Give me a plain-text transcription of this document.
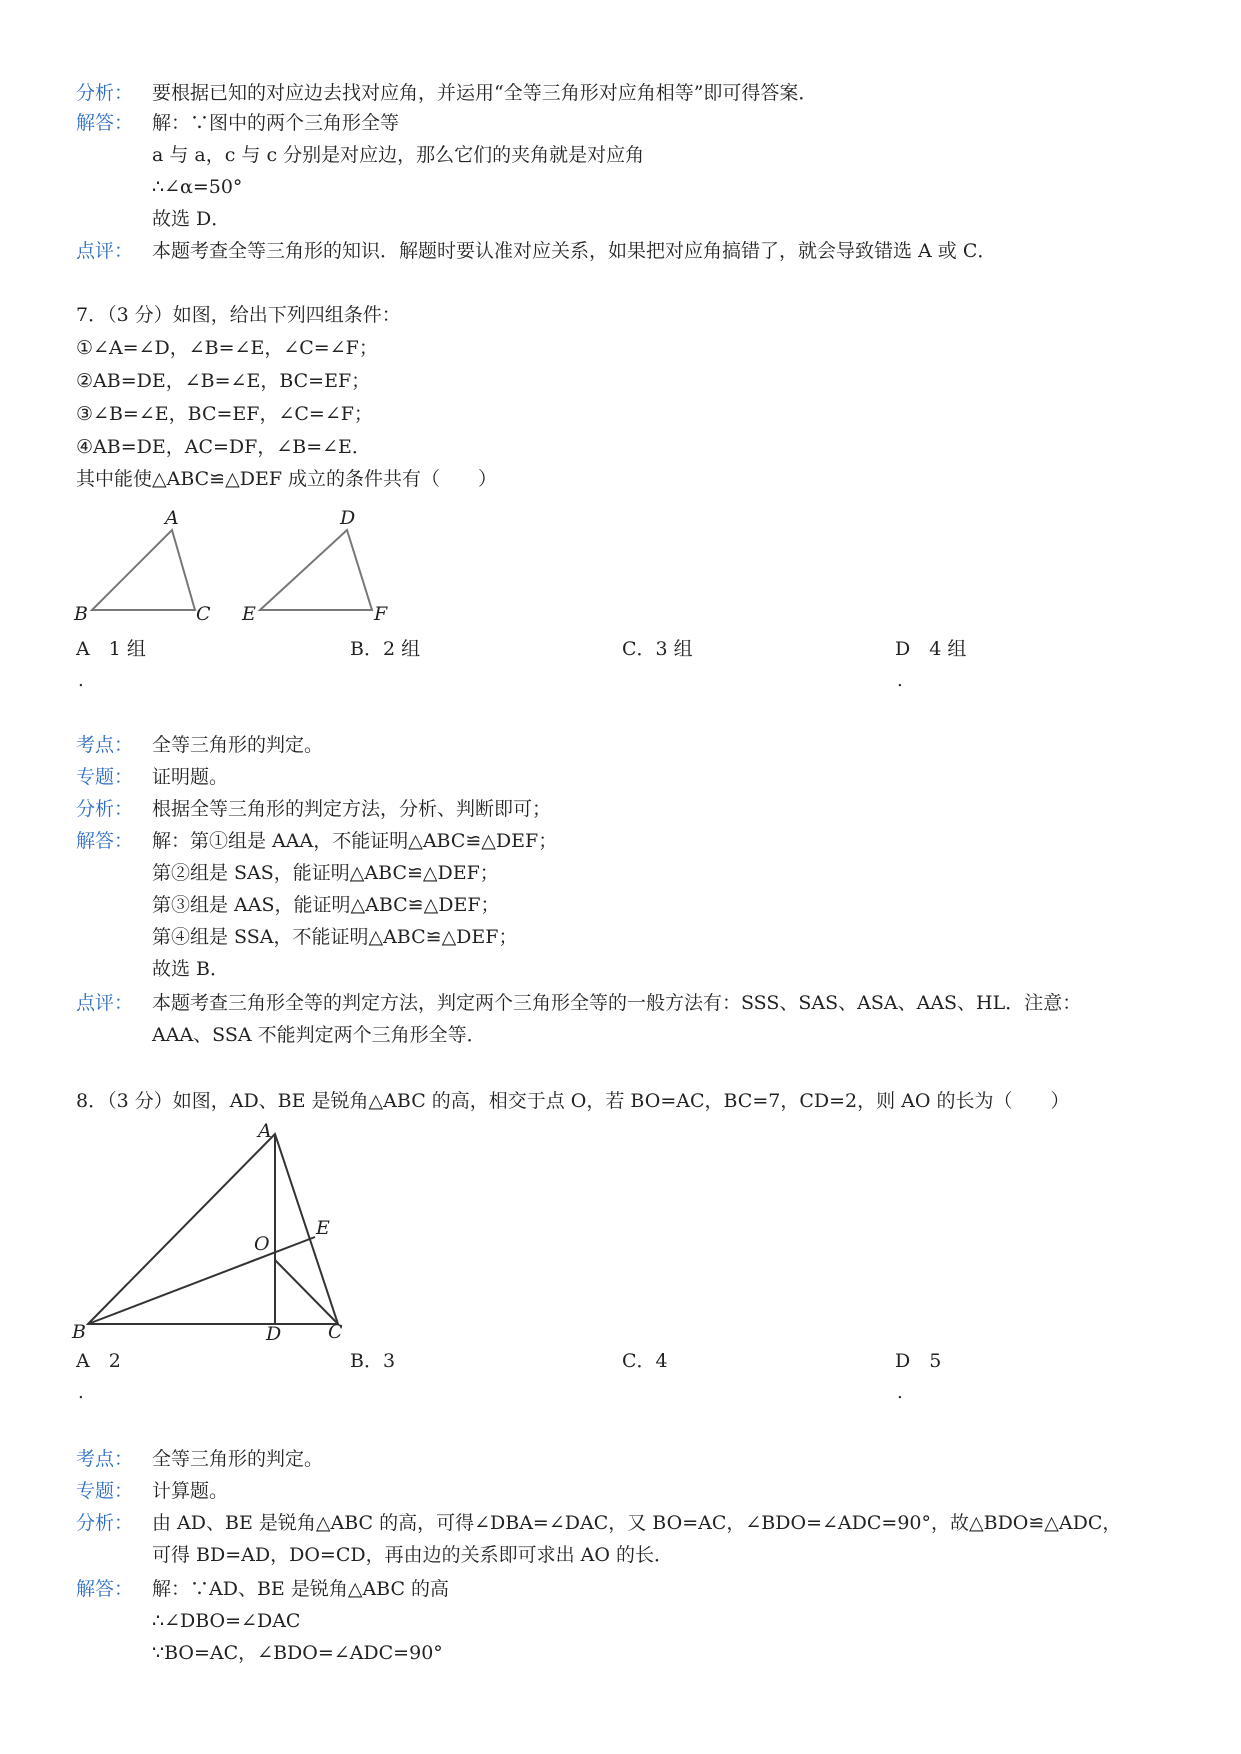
分析： 要根据已知的对应边去找对应角，并运用“全等三角形对应角相等”即可得答案．
解答： 解：∵图中的两个三角形全等
a 与 a，c 与 c 分别是对应边，那么它们的夹角就是对应角
∴∠α=50°
故选 D．
点评： 本题考查全等三角形的知识．解题时要认准对应关系，如果把对应角搞错了，就会导致错选 A 或 C．
7．（3 分）如图，给出下列四组条件：
①∠A=∠D，∠B=∠E，∠C=∠F；
②AB=DE，∠B=∠E，BC=EF；
③∠B=∠E，BC=EF，∠C=∠F；
④AB=DE，AC=DF，∠B=∠E．
其中能使△ABC≌△DEF 成立的条件共有（　　）
A
B	C
D
E	F
A　1 组	B．2 组	C．3 组	D　4 组
.	.
考点： 全等三角形的判定。
专题： 证明题。
分析： 根据全等三角形的判定方法，分析、判断即可；
解答： 解：第①组是 AAA，不能证明△ABC≌△DEF；
第②组是 SAS，能证明△ABC≌△DEF；
第③组是 AAS，能证明△ABC≌△DEF；
第④组是 SSA，不能证明△ABC≌△DEF；
故选 B．
点评： 本题考查三角形全等的判定方法，判定两个三角形全等的一般方法有：SSS、SAS、ASA、AAS、HL．注意：
AAA、SSA 不能判定两个三角形全等．
8．（3 分）如图，AD、BE 是锐角△ABC 的高，相交于点 O，若 BO=AC，BC=7，CD=2，则 AO 的长为（　　）
A
B	C
D
E
O
A　2	B．3	C．4	D　5
.	.
考点： 全等三角形的判定。
专题： 计算题。
分析： 由 AD、BE 是锐角△ABC 的高，可得∠DBA=∠DAC，又 BO=AC，∠BDO=∠ADC=90°，故△BDO≌△ADC，
可得 BD=AD，DO=CD，再由边的关系即可求出 AO 的长．
解答： 解：∵AD、BE 是锐角△ABC 的高
∴∠DBO=∠DAC
∵BO=AC，∠BDO=∠ADC=90°
